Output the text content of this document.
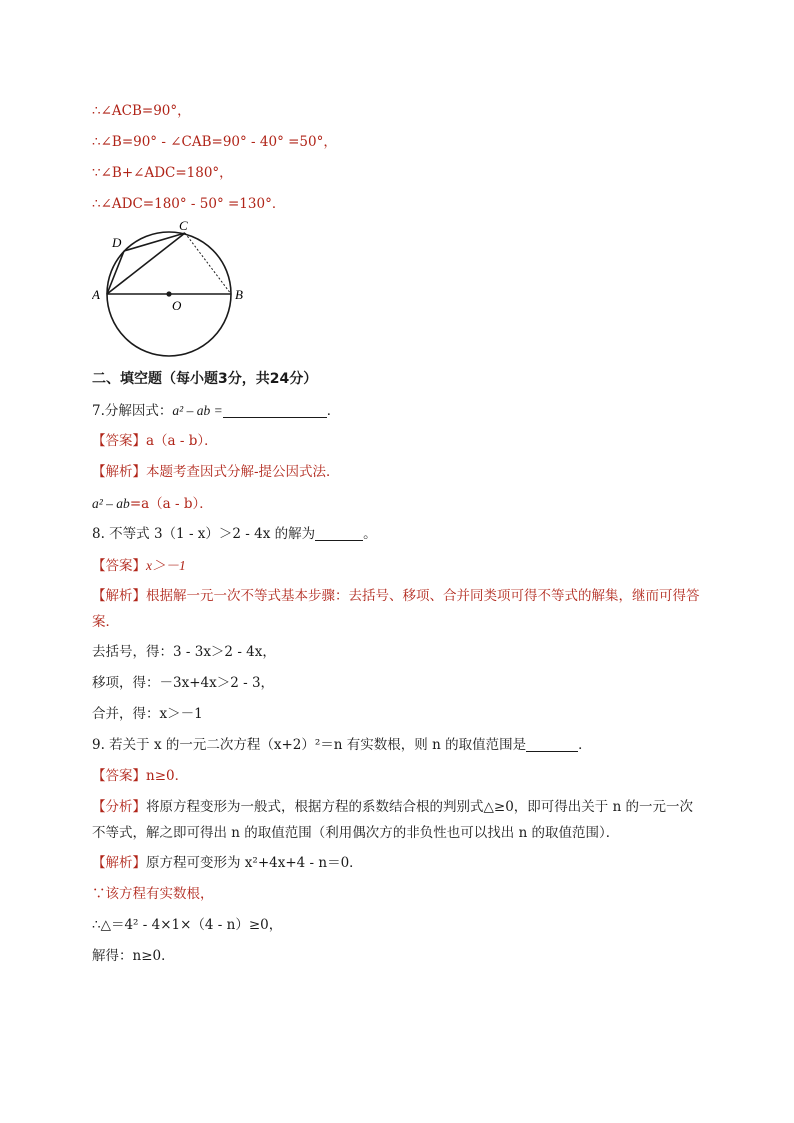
∴∠ACB=90°，
∴∠B=90° - ∠CAB=90° - 40° =50°，
∵∠B+∠ADC=180°，
∴∠ADC=180° - 50° =130°．
A	B
C
D
O
二、填空题（每小题3分，共24分）
7.分解因式：a² – ab =	．
【答案】a（a - b）．
【解析】本题考查因式分解-提公因式法．
a² – ab=a（a - b）．
8. 不等式 3（1 - x）＞2 - 4x 的解为	。
【答案】x＞－1
【解析】根据解一元一次不等式基本步骤：去括号、移项、合并同类项可得不等式的解集，继而可得答案．
去括号，得：3 - 3x＞2 - 4x，
移项，得：－3x+4x＞2 - 3，
合并，得：x＞－1
9. 若关于 x 的一元二次方程（x+2）²＝n 有实数根，则 n 的取值范围是	．
【答案】n≥0．
【分析】将原方程变形为一般式，根据方程的系数结合根的判别式△≥0，即可得出关于 n 的一元一次不等式，解之即可得出 n 的取值范围（利用偶次方的非负性也可以找出 n 的取值范围）．
【解析】原方程可变形为 x²+4x+4 - n＝0．
∵该方程有实数根，
∴△＝4² - 4×1×（4 - n）≥0，
解得：n≥0．
